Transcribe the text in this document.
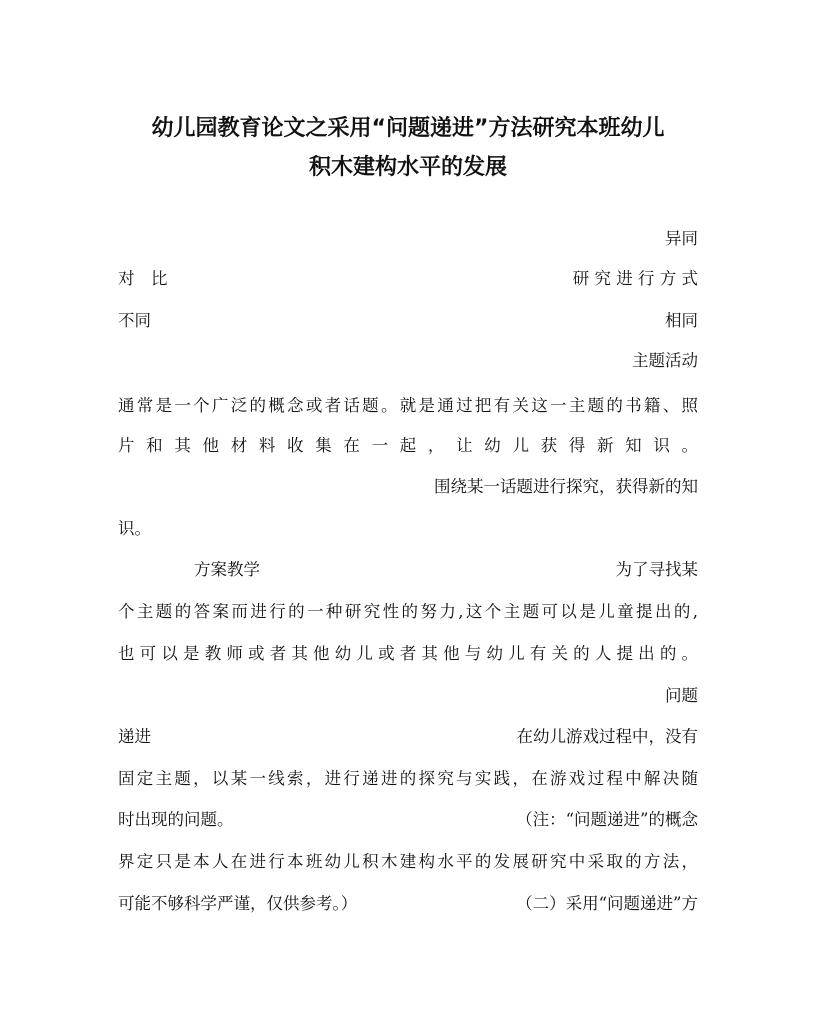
幼儿园教育论文之采用“问题递进”方法研究本班幼儿
积木建构水平的发展
异同
对　比	研 究 进 行 方 式
不同	相同
主题活动
通常是一个广泛的概念或者话题。就是通过把有关这一主题的书籍、照
片 和 其 他 材 料 收 集 在 一 起 ， 让 幼 儿 获 得 新 知 识 。
围绕某一话题进行探究，获得新的知
识。
方案教学	为了寻找某
个主题的答案而进行的一种研究性的努力,这个主题可以是儿童提出的,
也可以是教师或者其他幼儿或者其他与幼儿有关的人提出的。
问题
递进	在幼儿游戏过程中，没有
固定主题，以某一线索，进行递进的探究与实践，在游戏过程中解决随
时出现的问题。	（注：“问题递进”的概念
界定只是本人在进行本班幼儿积木建构水平的发展研究中采取的方法，
可能不够科学严谨，仅供参考。）	（二）采用“问题递进”方
